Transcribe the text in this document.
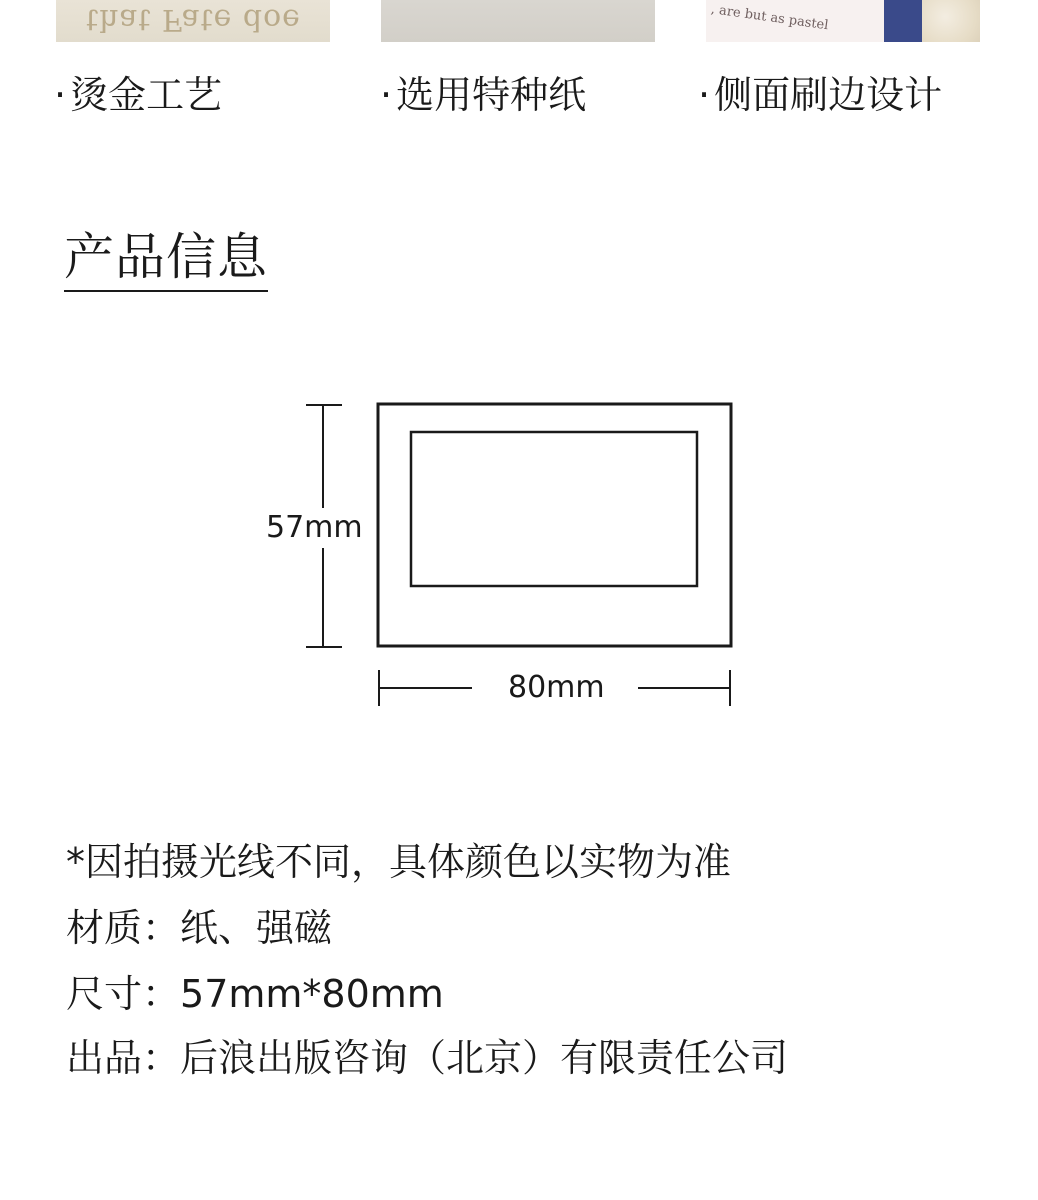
that Fate doe	, are but as pastel
· 烫金工艺	· 选用特种纸	· 侧面刷边设计
产品信息
57mm
80mm
*因拍摄光线不同，具体颜色以实物为准
材质：纸、强磁
尺寸：57mm*80mm
出品：后浪出版咨询（北京）有限责任公司
